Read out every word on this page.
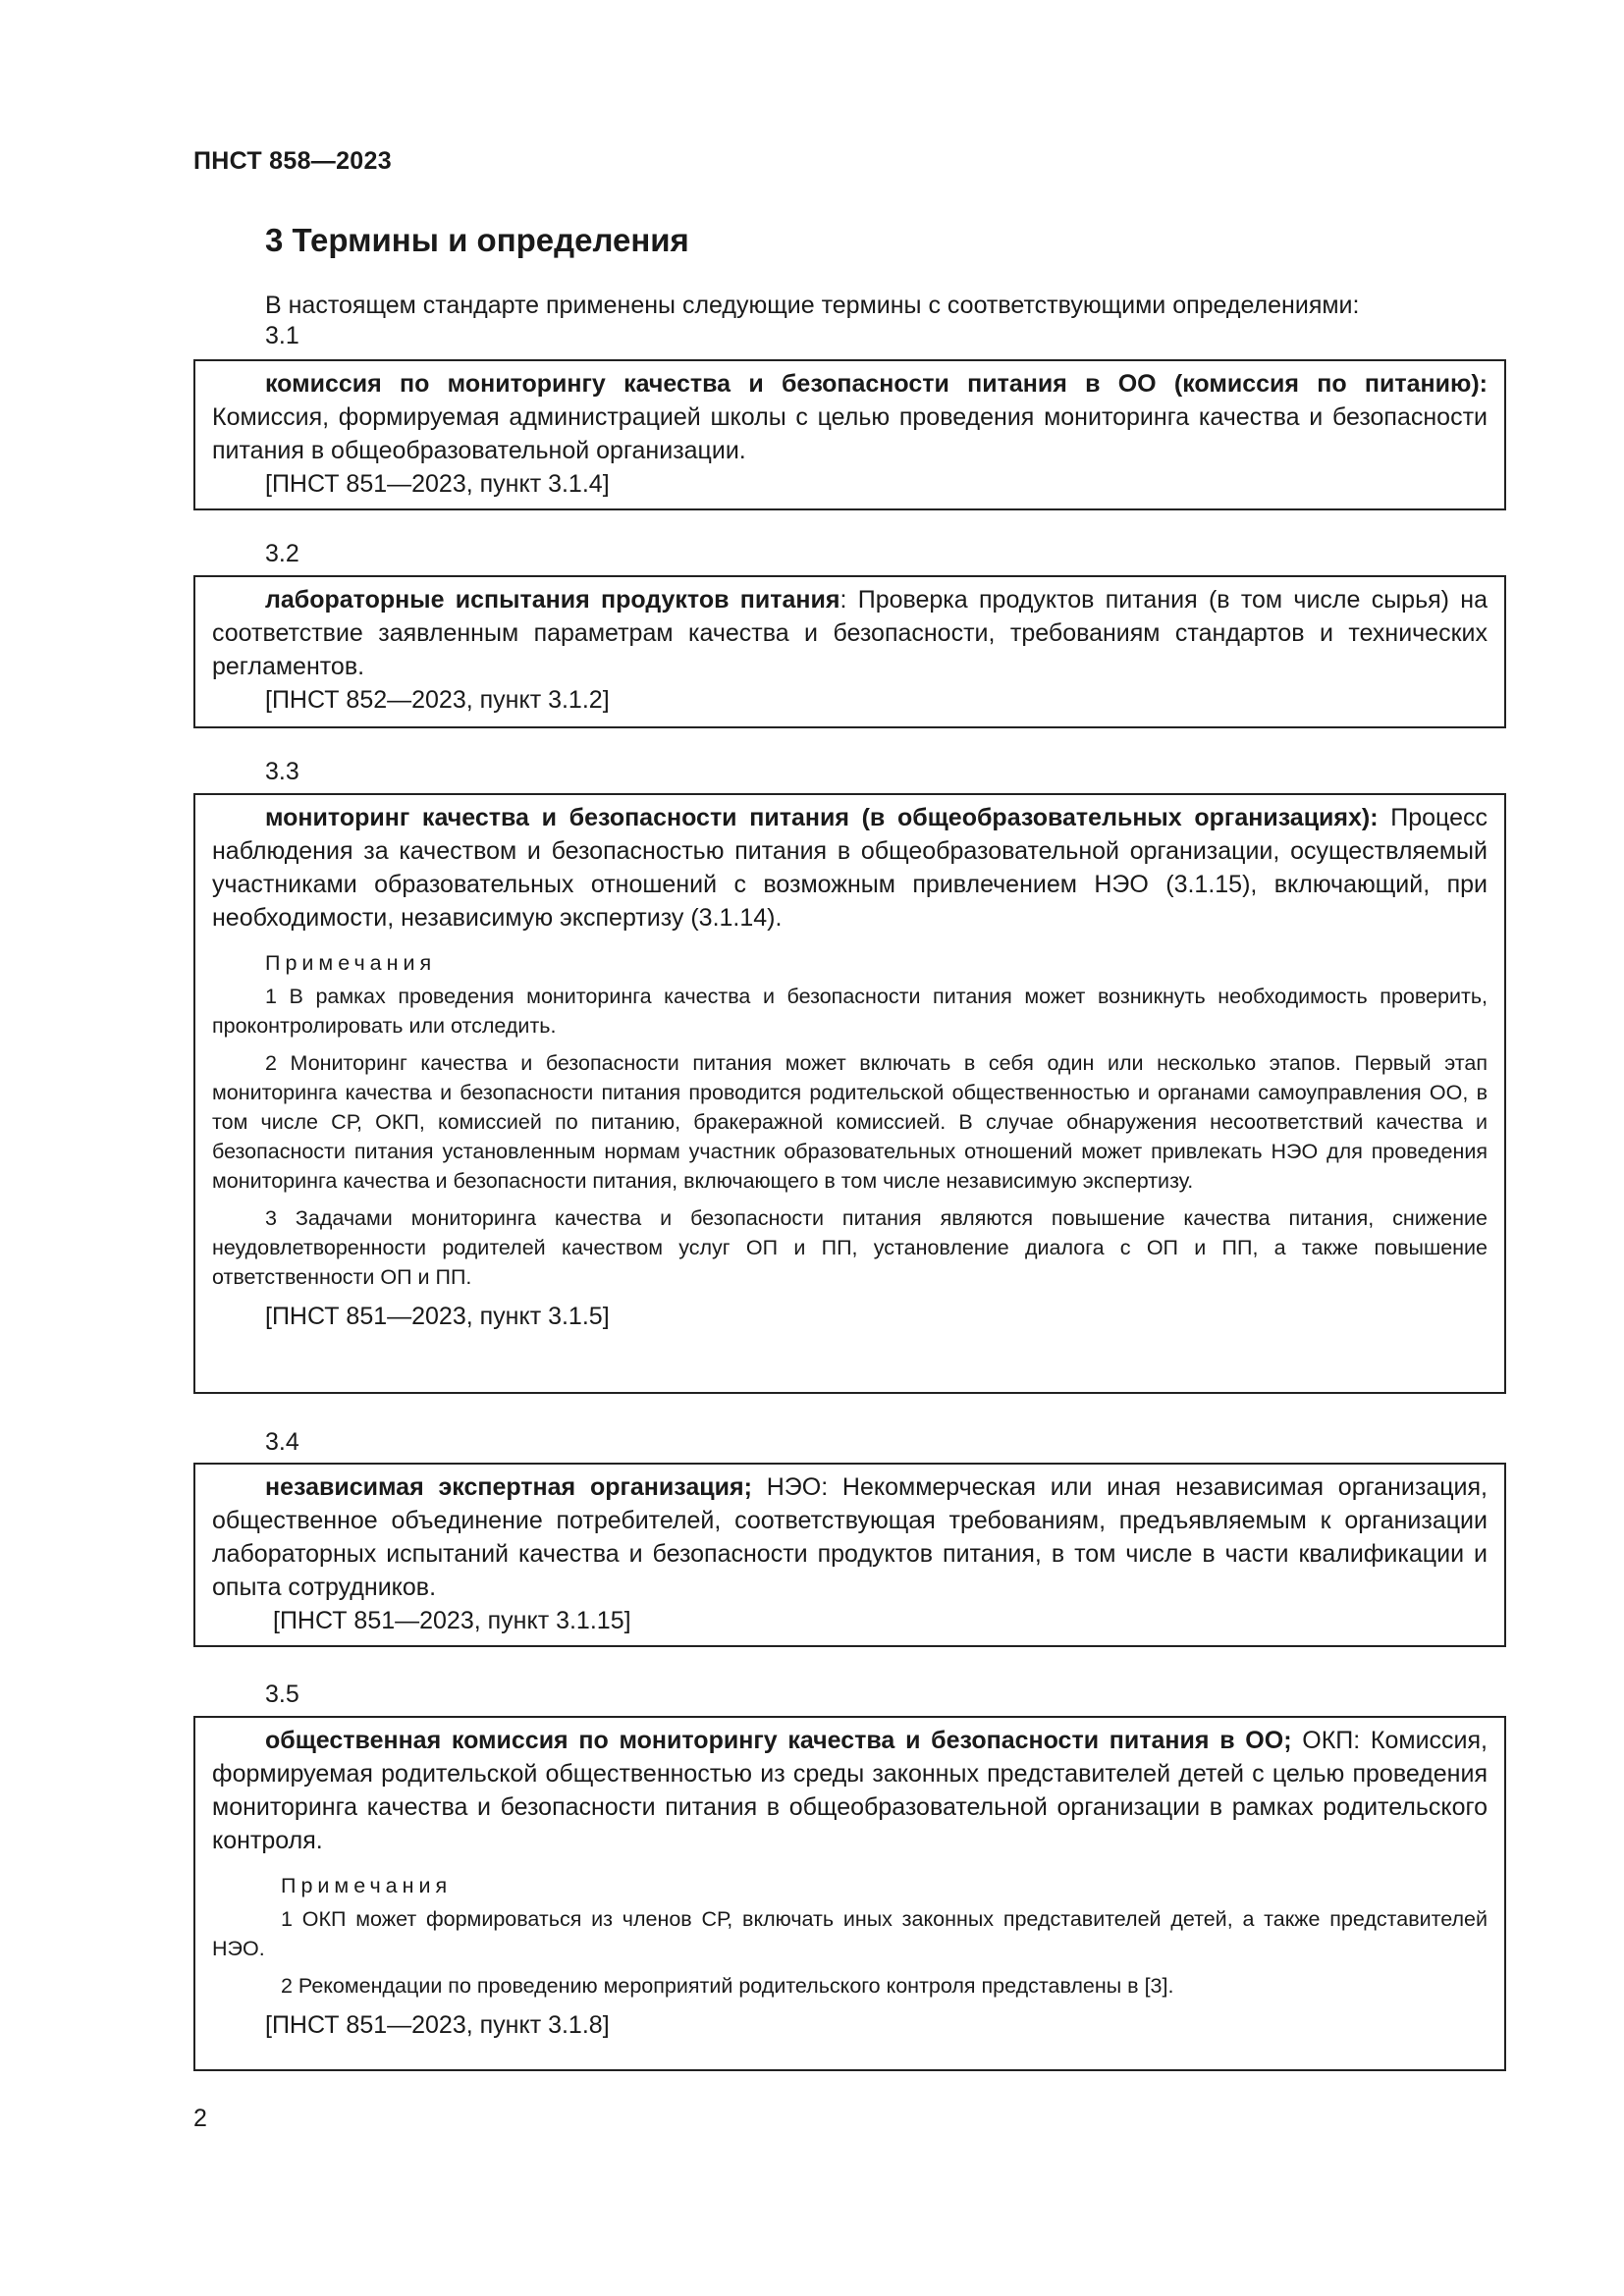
ПНСТ 858—2023
3 Термины и определения
В настоящем стандарте применены следующие термины с соответствующими определениями:
3.1

комиссия по мониторингу качества и безопасности питания в ОО (комиссия по питанию): Комиссия, формируемая администрацией школы с целью проведения мониторинга качества и безопасности питания в общеобразовательной организации.

[ПНСТ 851—2023, пункт 3.1.4]

3.2

лабораторные испытания продуктов питания: Проверка продуктов питания (в том числе сырья) на соответствие заявленным параметрам качества и безопасности, требованиям стандартов и технических регламентов.

[ПНСТ 852—2023, пункт 3.1.2]

3.3

мониторинг качества и безопасности питания (в общеобразовательных организациях): Процесс наблюдения за качеством и безопасностью питания в общеобразовательной организации, осуществляемый участниками образовательных отношений с возможным привлечением НЭО (3.1.15), включающий, при необходимости, независимую экспертизу (3.1.14).

Примечания

1 В рамках проведения мониторинга качества и безопасности питания может возникнуть необходимость проверить, проконтролировать или отследить.

2 Мониторинг качества и безопасности питания может включать в себя один или несколько этапов. Первый этап мониторинга качества и безопасности питания проводится родительской общественностью и органами самоуправления ОО, в том числе СР, ОКП, комиссией по питанию, бракеражной комиссией. В случае обнаружения несоответствий качества и безопасности питания установленным нормам участник образовательных отношений может привлекать НЭО для проведения мониторинга качества и безопасности питания, включающего в том числе независимую экспертизу.

3 Задачами мониторинга качества и безопасности питания являются повышение качества питания, снижение неудовлетворенности родителей качеством услуг ОП и ПП, установление диалога с ОП и ПП, а также повышение ответственности ОП и ПП.

[ПНСТ 851—2023, пункт 3.1.5]

3.4

независимая экспертная организация; НЭО: Некоммерческая или иная независимая организация, общественное объединение потребителей, соответствующая требованиям, предъявляемым к организации лабораторных испытаний качества и безопасности продуктов питания, в том числе в части квалификации и опыта сотрудников.

[ПНСТ 851—2023, пункт 3.1.15]

3.5

общественная комиссия по мониторингу качества и безопасности питания в ОО; ОКП: Комиссия, формируемая родительской общественностью из среды законных представителей детей с целью проведения мониторинга качества и безопасности питания в общеобразовательной организации в рамках родительского контроля.

Примечания

1 ОКП может формироваться из членов СР, включать иных законных представителей детей, а также представителей НЭО.

2 Рекомендации по проведению мероприятий родительского контроля представлены в [3].

[ПНСТ 851—2023, пункт 3.1.8]

2
